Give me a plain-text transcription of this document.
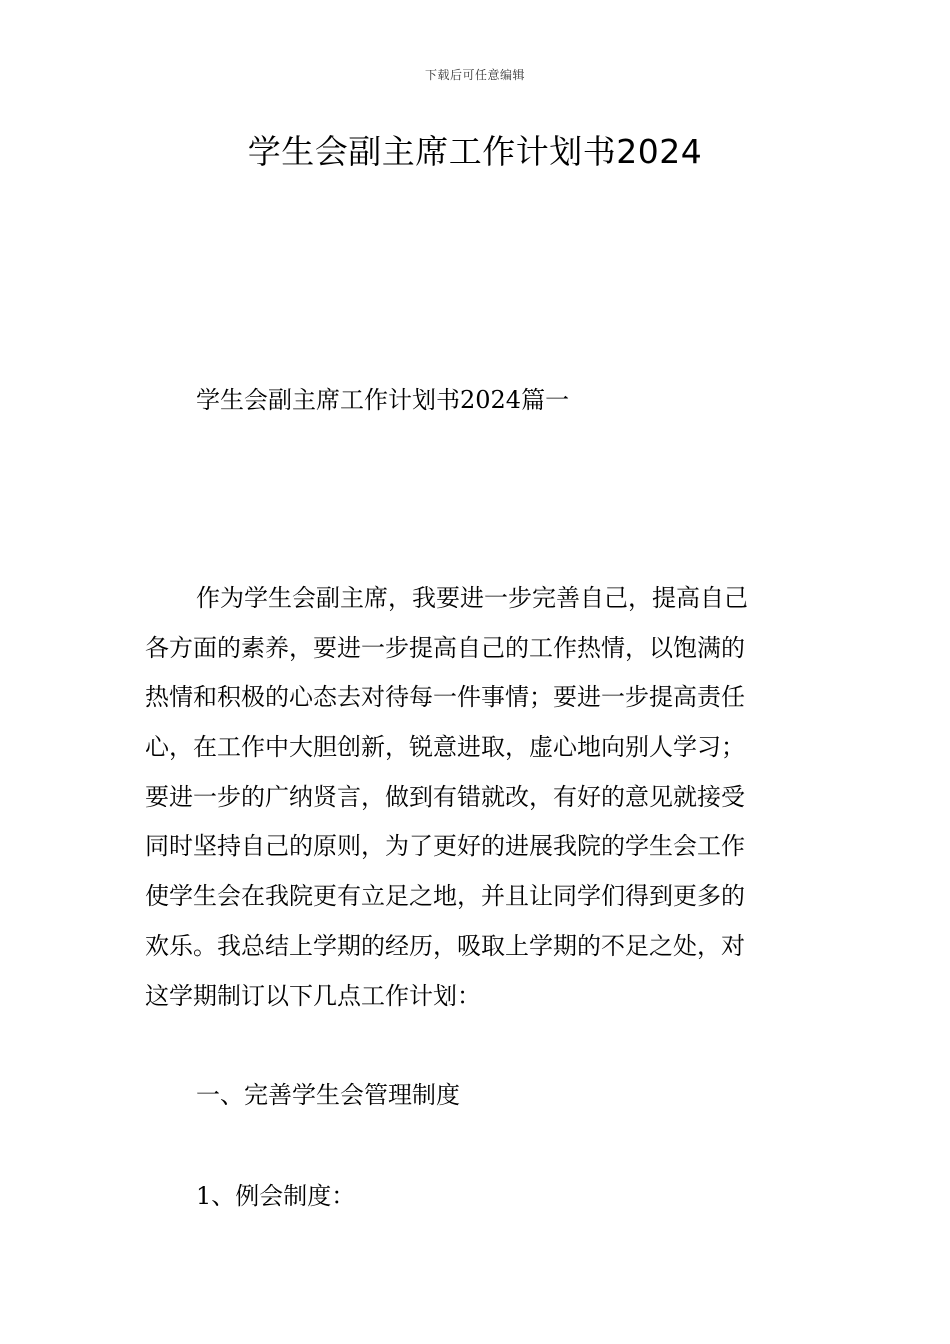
下载后可任意编辑
学生会副主席工作计划书2024
学生会副主席工作计划书2024篇一
作为学生会副主席，我要进一步完善自己，提高自己
各方面的素养，要进一步提高自己的工作热情，以饱满的
热情和积极的心态去对待每一件事情；要进一步提高责任
心，在工作中大胆创新，锐意进取，虚心地向别人学习；
要进一步的广纳贤言，做到有错就改，有好的意见就接受
同时坚持自己的原则，为了更好的进展我院的学生会工作
使学生会在我院更有立足之地，并且让同学们得到更多的
欢乐。我总结上学期的经历，吸取上学期的不足之处，对
这学期制订以下几点工作计划：
一、完善学生会管理制度
1、例会制度：
